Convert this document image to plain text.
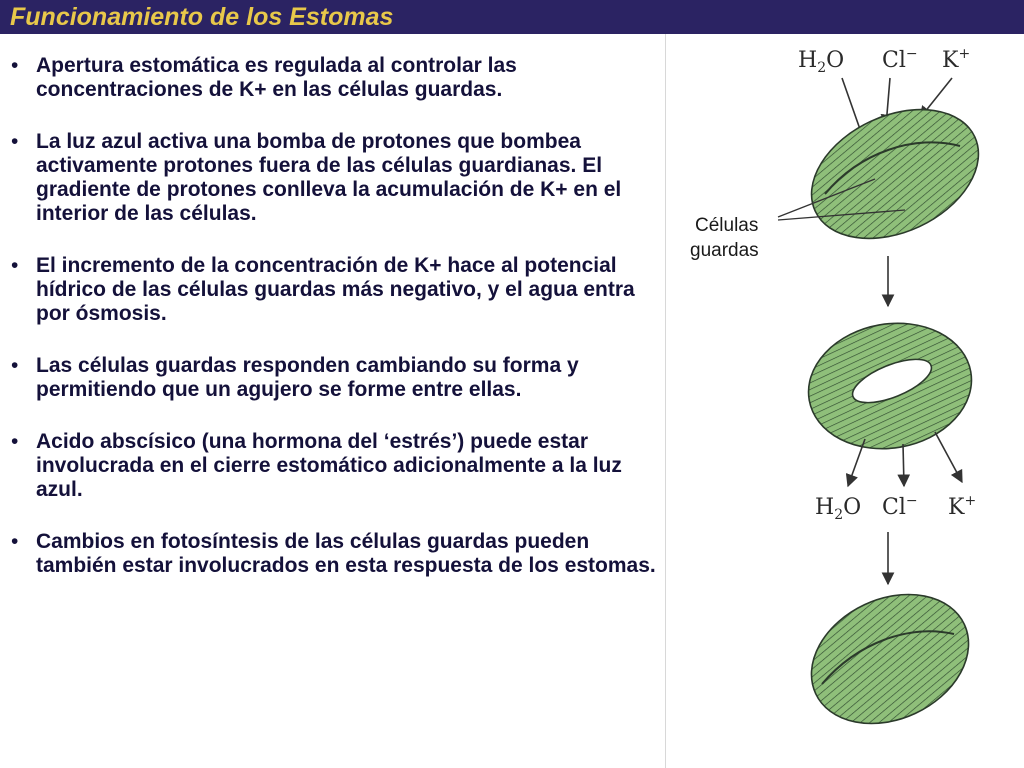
Funcionamiento de los Estomas
• Apertura estomática es regulada al controlar las concentraciones de K+ en las células guardas.
• La luz azul activa una bomba de protones que bombea activamente protones fuera de las células guardianas. El gradiente de protones conlleva la acumulación de K+ en el interior de las células.
• El incremento de la concentración de K+ hace al potencial hídrico de las células guardas más negativo, y el agua entra por ósmosis.
• Las células guardas responden cambiando su forma y permitiendo que un agujero se forme entre ellas.
• Acido abscísico (una hormona del ‘estrés’) puede estar involucrada en el cierre estomático adicionalmente a la luz azul.
• Cambios en fotosíntesis de las células guardas pueden también estar involucrados en esta respuesta de los estomas.
$H_2O$ Cl− K+
Células
guardas
$H_2O$ Cl− K+
